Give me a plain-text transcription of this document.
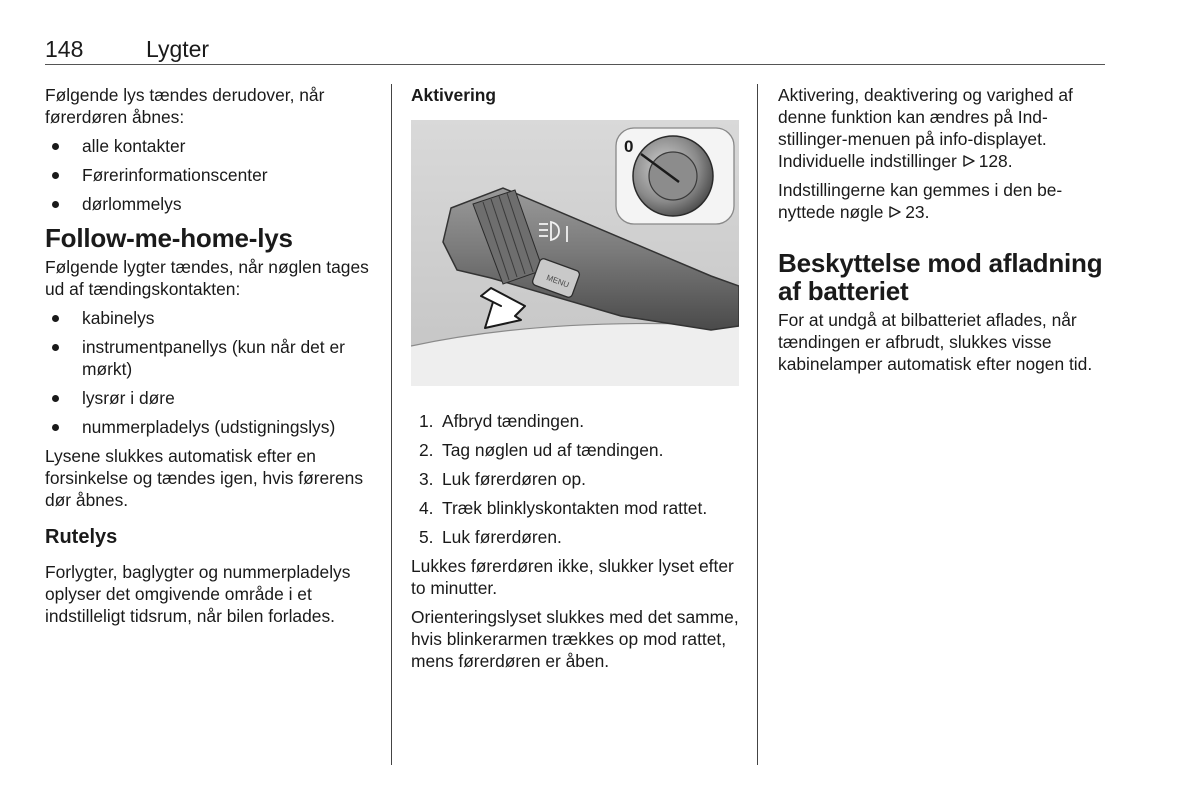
148	Lygter

Følgende lys tændes derudover, når førerdøren åbnes:

alle kontakter
Førerinformationscenter
dørlommelys
Follow-me-home-lys

Følgende lygter tændes, når nøglen tages ud af tændingskontakten:

kabinelys
instrumentpanellys (kun når det er mørkt)
lysrør i døre
nummerpladelys (udstigningslys)

Lysene slukkes automatisk efter en forsinkelse og tændes igen, hvis førerens dør åbnes.

Rutelys

Forlygter, baglygter og nummerpladelys oplyser det omgivende område i et indstilleligt tidsrum, når bilen forlades.

Aktivering
MENU
0
1. Afbryd tændingen.
2. Tag nøglen ud af tændingen.
3. Luk førerdøren op.
4. Træk blinklyskontakten mod rattet.
5. Luk førerdøren.

Lukkes førerdøren ikke, slukker lyset efter to minutter.

Orienteringslyset slukkes med det samme, hvis blinkerarmen trækkes op mod rattet, mens førerdøren er åben.

Aktivering, deaktivering og varighed af denne funktion kan ændres på Indstillinger-menuen på info-displayet. Individuelle indstillinger 128.

Indstillingerne kan gemmes i den benyttede nøgle 23.

Beskyttelse mod afladning af batteriet

For at undgå at bilbatteriet aflades, når tændingen er afbrudt, slukkes visse kabinelamper automatisk efter nogen tid.
